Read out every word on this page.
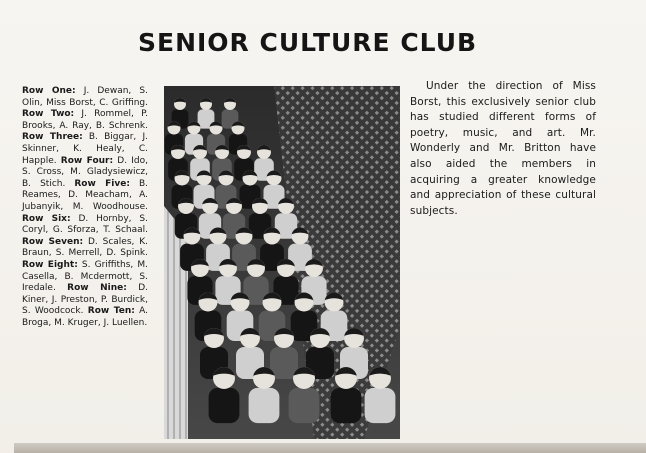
SENIOR CULTURE CLUB
Row One: J. Dewan, S. Olin, Miss Borst, C. Griffing. Row Two: J. Rommel, P. Brooks, A. Ray, B. Schrenk. Row Three: B. Biggar, J. Skinner, K. Healy, C. Happle. Row Four: D. Ido, S. Cross, M. Gladysiewicz, B. Stich. Row Five: B. Reames, D. Meacham, A. Jubanyik, M. Woodhouse. Row Six: D. Hornby, S. Coryl, G. Sforza, T. Schaal. Row Seven: D. Scales, K. Braun, S. Merrell, D. Spink. Row Eight: S. Griffiths, M. Casella, B. Mcdermott, S. Iredale. Row Nine: D. Kiner, J. Preston, P. Burdick, S. Woodcock. Row Ten: A. Broga, M. Kruger, J. Luellen.
Under the direction of Miss Borst, this exclusively senior club has studied different forms of poetry, music, and art. Mr. Wonderly and Mr. Britton have also aided the members in acquiring a greater knowledge and appreciation of these cultural subjects.
